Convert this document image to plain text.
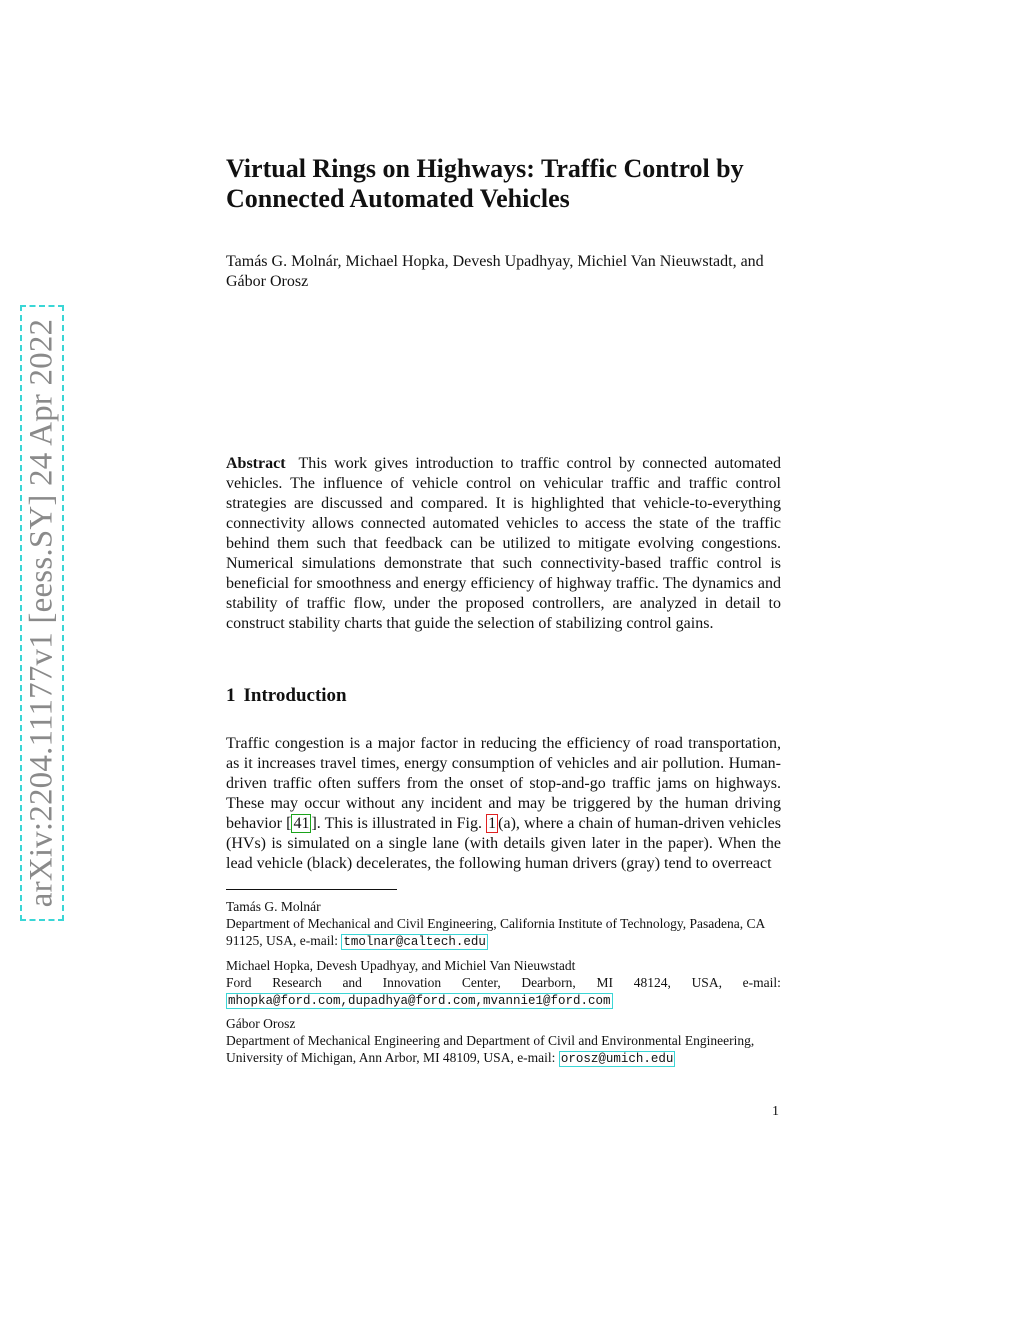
arXiv:2204.11177v1 [eess.SY] 24 Apr 2022
Virtual Rings on Highways: Traffic Control by
Connected Automated Vehicles

Tamás G. Molnár, Michael Hopka, Devesh Upadhyay, Michiel Van Nieuwstadt, and
Gábor Orosz

Abstract This work gives introduction to traffic control by connected automated vehicles. The influence of vehicle control on vehicular traffic and traffic control strategies are discussed and compared. It is highlighted that vehicle-to-everything connectivity allows connected automated vehicles to access the state of the traffic behind them such that feedback can be utilized to mitigate evolving congestions. Numerical simulations demonstrate that such connectivity-based traffic control is beneficial for smoothness and energy efficiency of highway traffic. The dynamics and stability of traffic flow, under the proposed controllers, are analyzed in detail to construct stability charts that guide the selection of stabilizing control gains.

1 Introduction

Traffic congestion is a major factor in reducing the efficiency of road transportation, as it increases travel times, energy consumption of vehicles and air pollution. Human-driven traffic often suffers from the onset of stop-and-go traffic jams on highways. These may occur without any incident and may be triggered by the human driving behavior [ 41 ]. This is illustrated in Fig. 1 (a), where a chain of human-driven vehicles (HVs) is simulated on a single lane (with details given later in the paper). When the lead vehicle (black) decelerates, the following human drivers (gray) tend to overreact

Tamás G. Molnár
Department of Mechanical and Civil Engineering, California Institute of Technology, Pasadena, CA 91125, USA, e-mail: tmolnar@caltech.edu
Michael Hopka, Devesh Upadhyay, and Michiel Van Nieuwstadt
Ford Research and Innovation Center, Dearborn, MI 48124, USA, e-mail:
mhopka@ford.com,dupadhya@ford.com,mvannie1@ford.com
Gábor Orosz
Department of Mechanical Engineering and Department of Civil and Environmental Engineering,
University of Michigan, Ann Arbor, MI 48109, USA, e-mail: orosz@umich.edu

1
